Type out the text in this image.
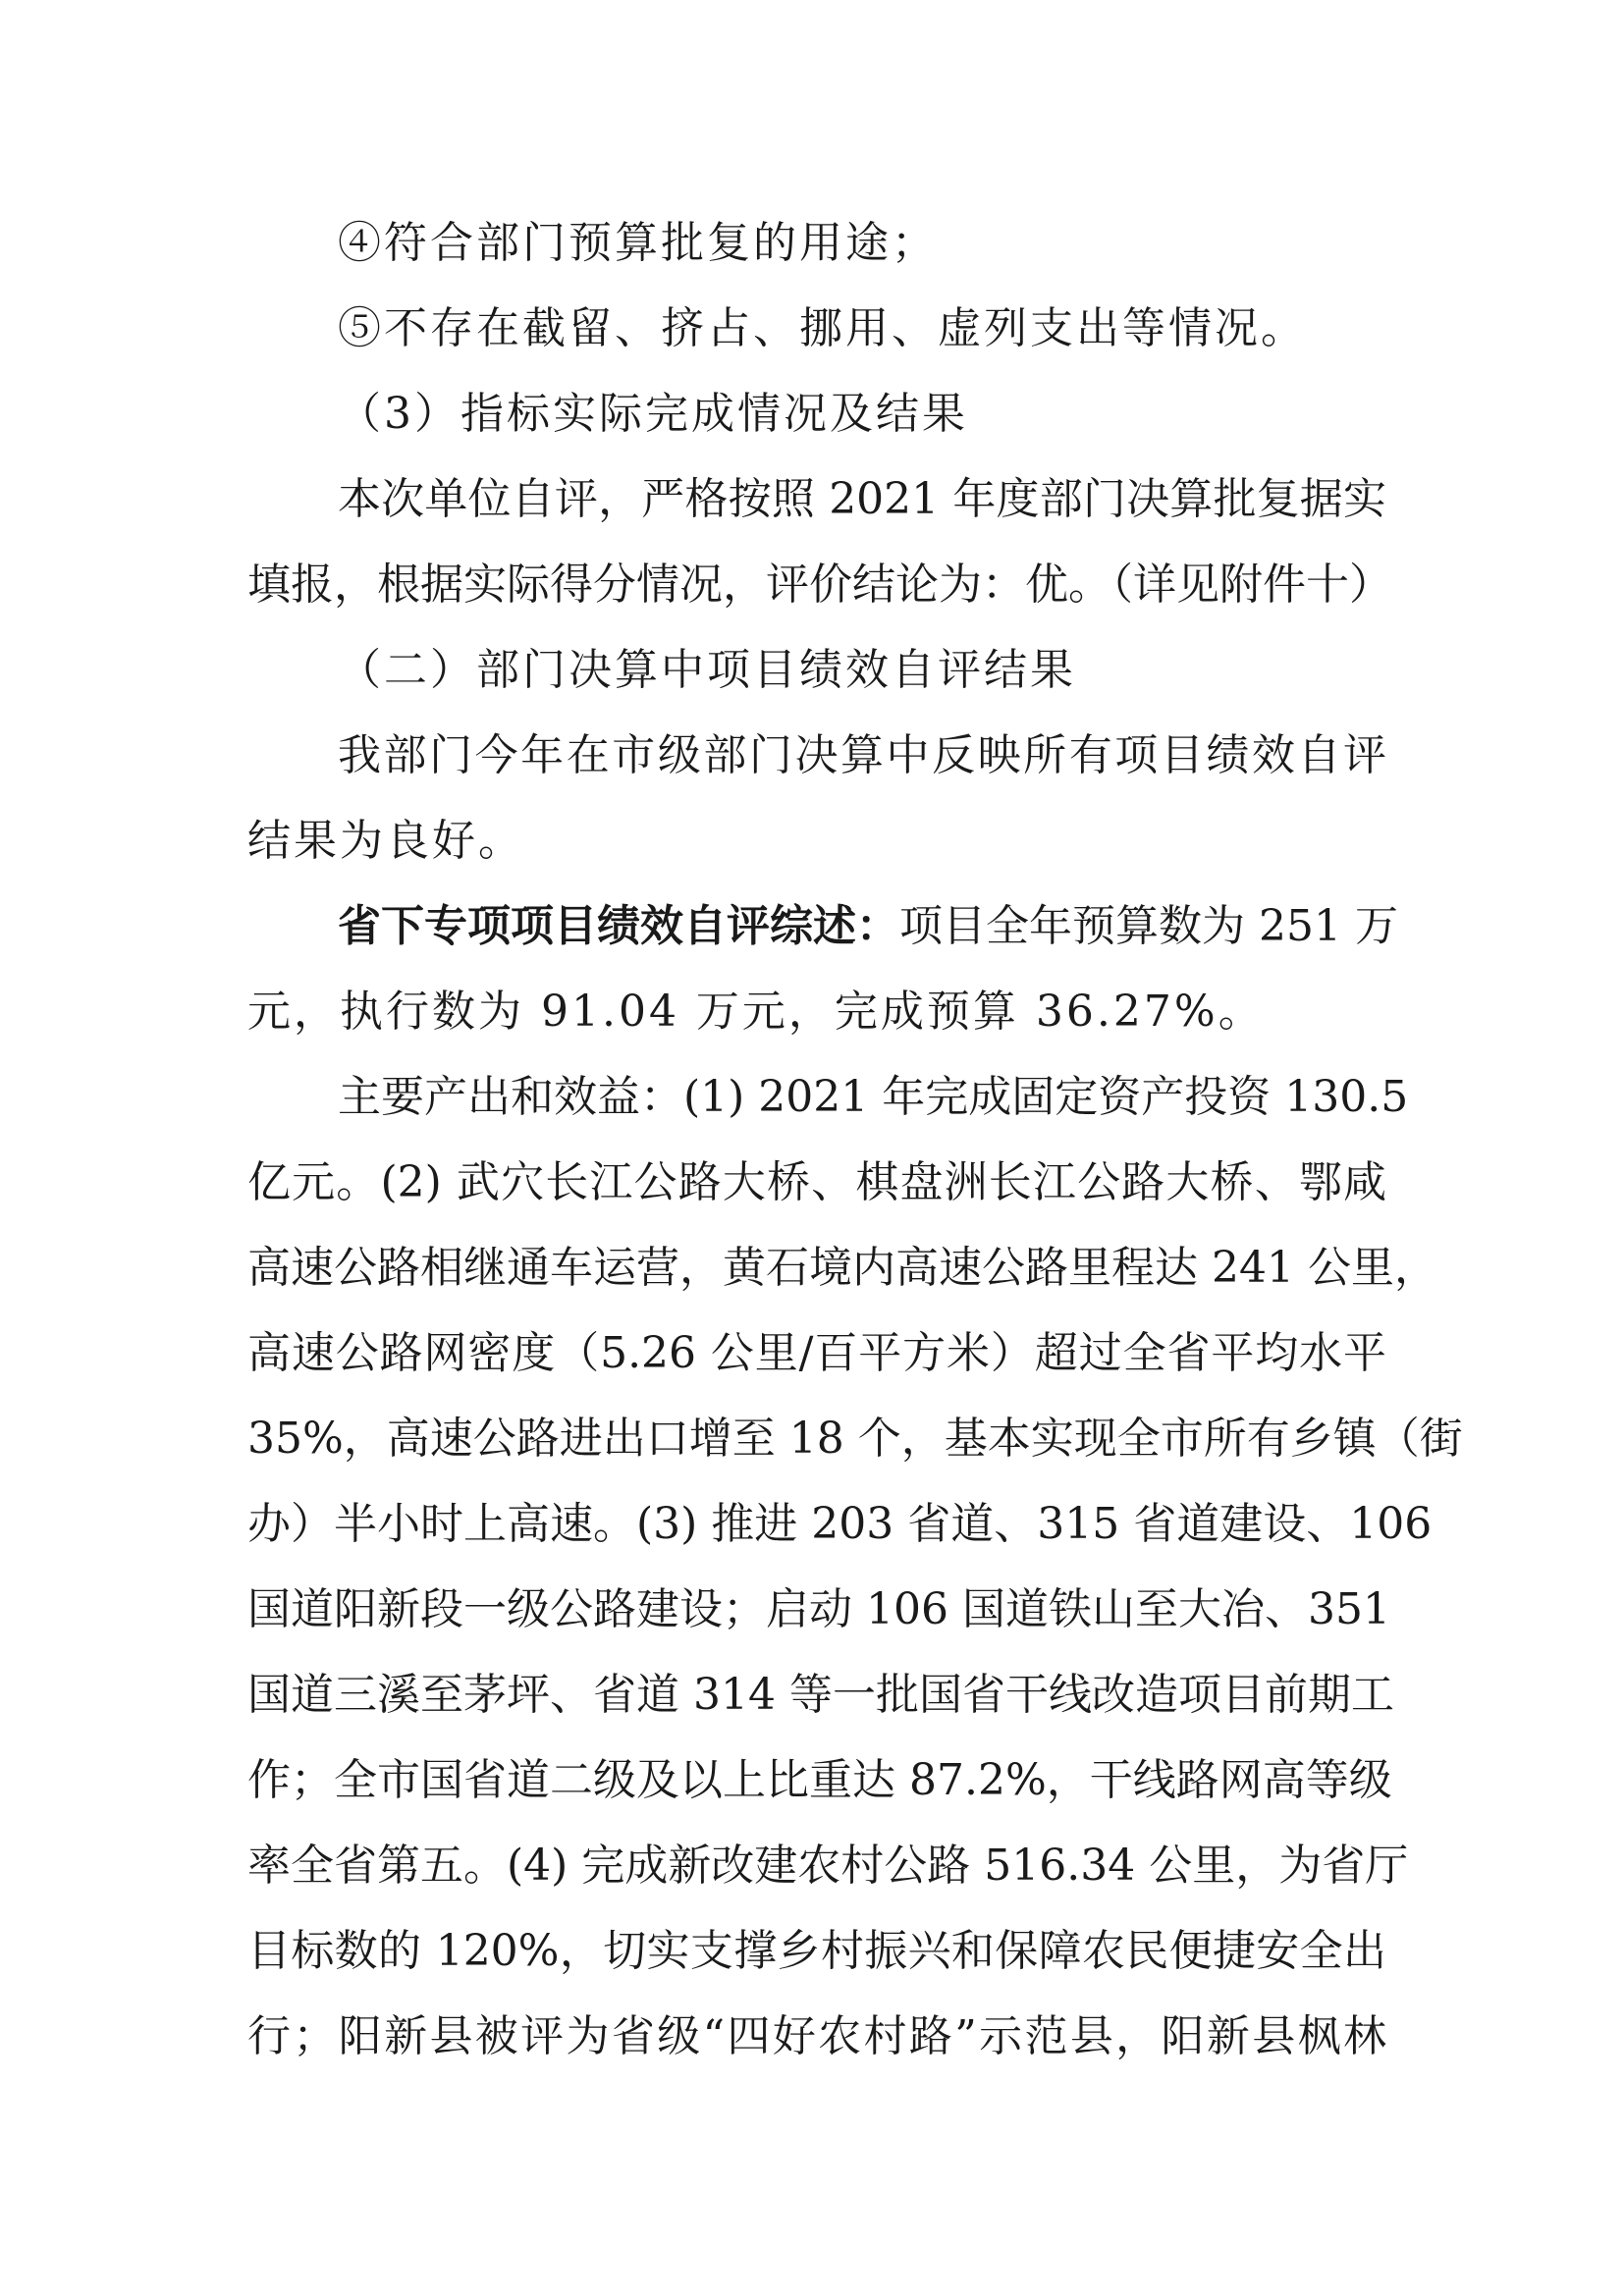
④符合部门预算批复的用途；
⑤不存在截留、挤占、挪用、虚列支出等情况。
（3）指标实际完成情况及结果
本次单位自评，严格按照 2021 年度部门决算批复据实
填报，根据实际得分情况，评价结论为：优。（详见附件十）
（二）部门决算中项目绩效自评结果
我部门今年在市级部门决算中反映所有项目绩效自评
结果为良好。
省下专项项目绩效自评综述： 项目全年预算数为 251 万
元，执行数为 91.04 万元，完成预算 36.27%。
主要产出和效益：(1) 2021 年完成固定资产投资 130.5
亿元。(2) 武穴长江公路大桥、棋盘洲长江公路大桥、鄂咸
高速公路相继通车运营，黄石境内高速公路里程达 241 公里，
高速公路网密度（5.26 公里/百平方米）超过全省平均水平
35%，高速公路进出口增至 18 个，基本实现全市所有乡镇（街
办）半小时上高速。(3) 推进 203 省道、315 省道建设、106
国道阳新段一级公路建设；启动 106 国道铁山至大冶、351
国道三溪至茅坪、省道 314 等一批国省干线改造项目前期工
作；全市国省道二级及以上比重达 87.2%，干线路网高等级
率全省第五。(4) 完成新改建农村公路 516.34 公里，为省厅
目标数的 120%，切实支撑乡村振兴和保障农民便捷安全出
行；阳新县被评为省级“四好农村路”示范县，阳新县枫林
